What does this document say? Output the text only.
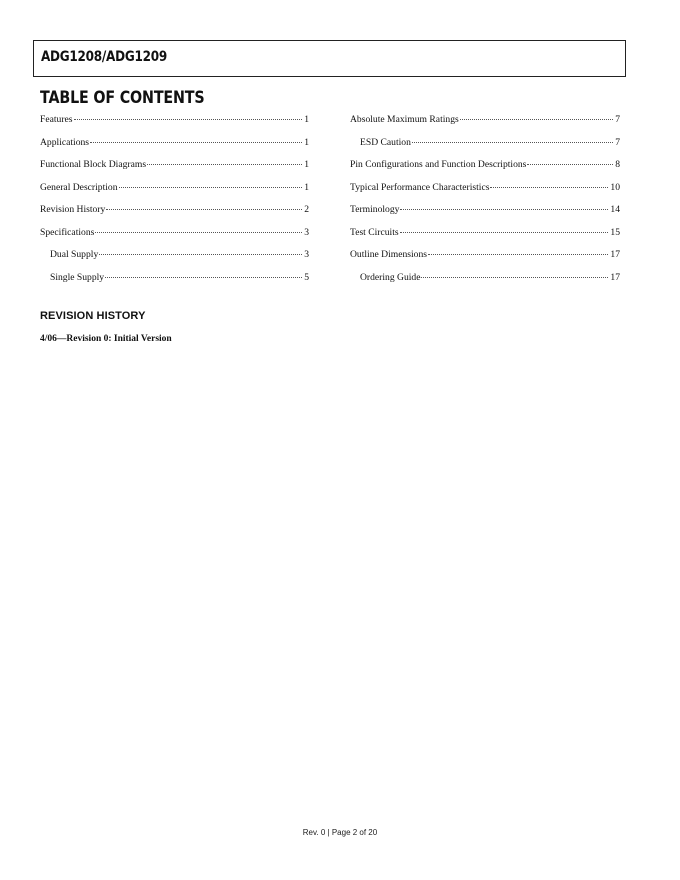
ADG1208/ADG1209
TABLE OF CONTENTS
Features	1
Applications	1
Functional Block Diagrams	1
General Description	1
Revision History	2
Specifications	3
Dual Supply	3
Single Supply	5
Absolute Maximum Ratings	7
ESD Caution	7
Pin Configurations and Function Descriptions	8
Typical Performance Characteristics	10
Terminology	14
Test Circuits	15
Outline Dimensions	17
Ordering Guide	17
REVISION HISTORY
4/06—Revision 0: Initial Version
Rev. 0 | Page 2 of 20
